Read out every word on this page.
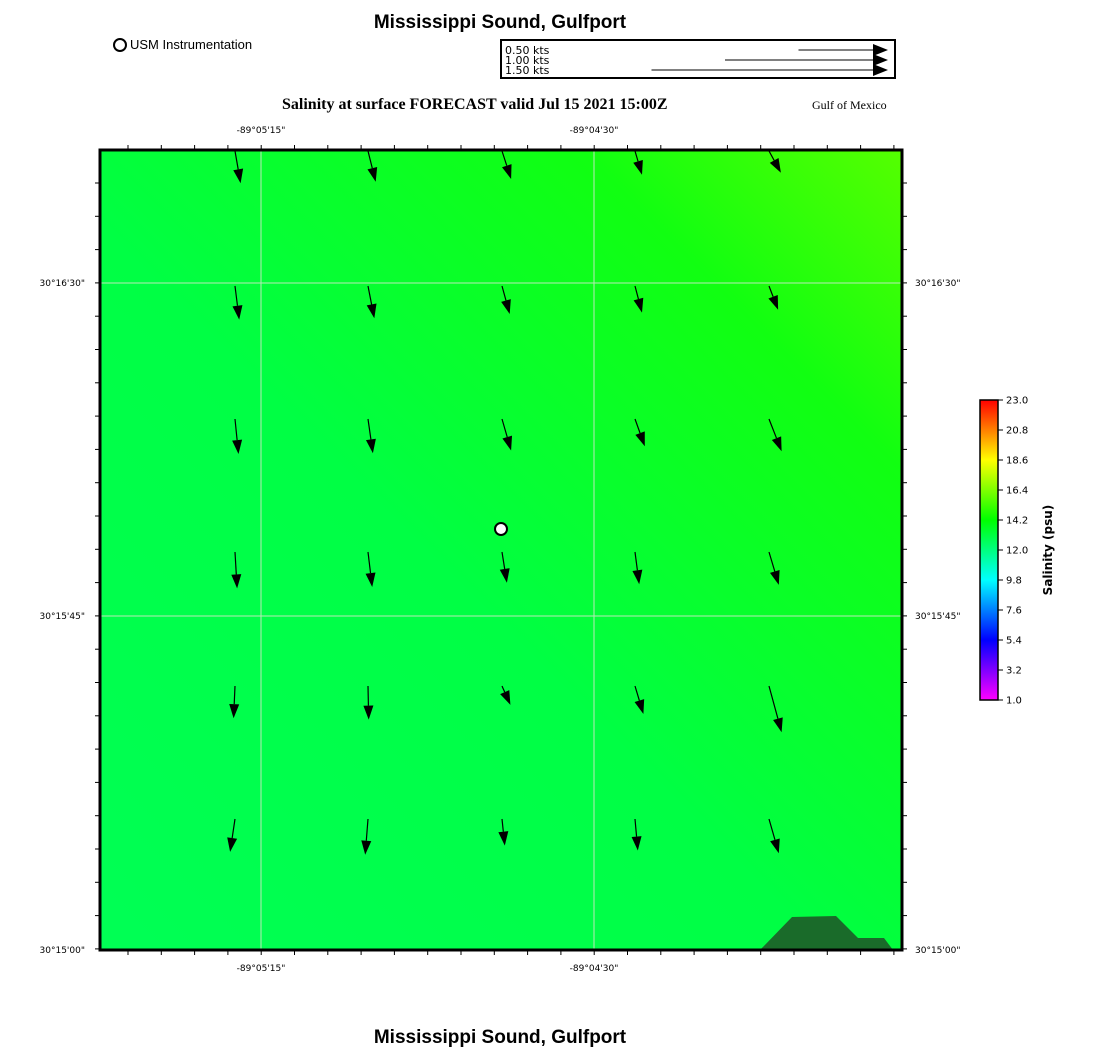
Mississippi Sound, Gulfport
USM Instrumentation	0.50 kts
1.00 kts
1.50 kts
Salinity at surface FORECAST valid Jul 15 2021 15:00Z	Gulf of Mexico
-89°05'15"	-89°04'30"
-89°05'15"	-89°04'30"
30°16'30"
30°15'45"
30°15'00"
30°16'30"
30°15'45"
30°15'00"
23.0
20.8
18.6
16.4
14.2
12.0
9.8
7.6
5.4
3.2
1.0
Salinity (psu)
Mississippi Sound, Gulfport
